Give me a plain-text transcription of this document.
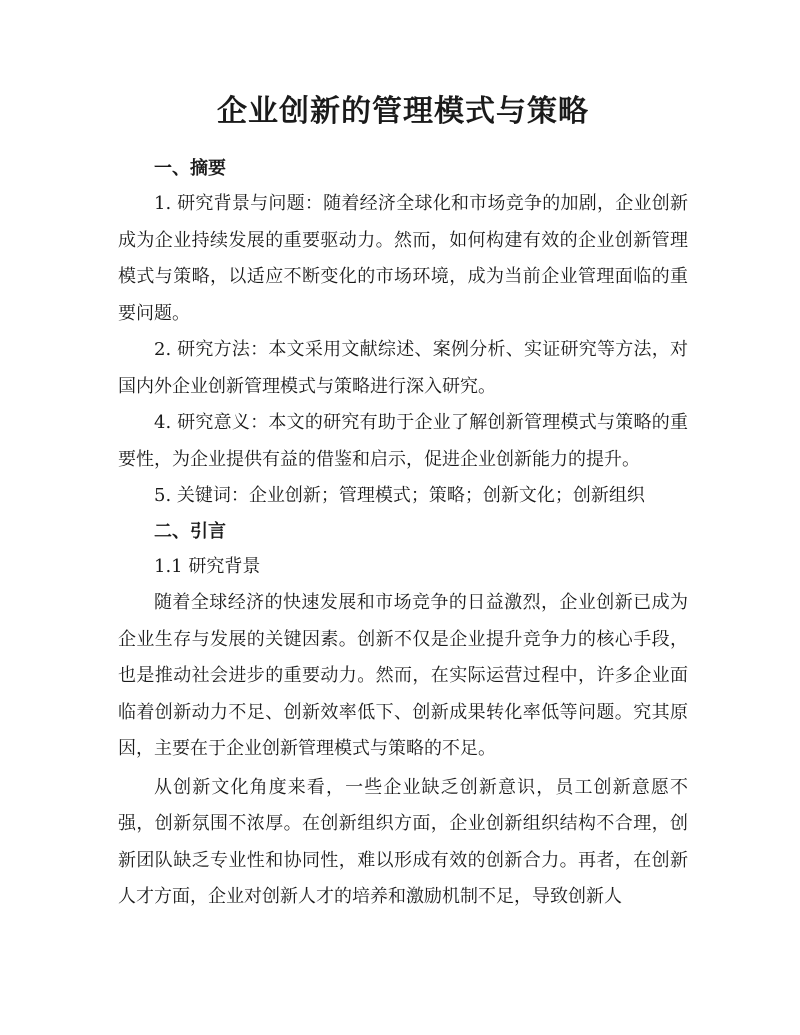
企业创新的管理模式与策略

一、摘要

1. 研究背景与问题：随着经济全球化和市场竞争的加剧，企业创新成为企业持续发展的重要驱动力。然而，如何构建有效的企业创新管理模式与策略，以适应不断变化的市场环境，成为当前企业管理面临的重要问题。

2. 研究方法：本文采用文献综述、案例分析、实证研究等方法，对国内外企业创新管理模式与策略进行深入研究。

4. 研究意义：本文的研究有助于企业了解创新管理模式与策略的重要性，为企业提供有益的借鉴和启示，促进企业创新能力的提升。

5. 关键词：企业创新；管理模式；策略；创新文化；创新组织

二、引言

1.1 研究背景

随着全球经济的快速发展和市场竞争的日益激烈，企业创新已成为企业生存与发展的关键因素。创新不仅是企业提升竞争力的核心手段，也是推动社会进步的重要动力。然而，在实际运营过程中，许多企业面临着创新动力不足、创新效率低下、创新成果转化率低等问题。究其原因，主要在于企业创新管理模式与策略的不足。

从创新文化角度来看，一些企业缺乏创新意识，员工创新意愿不强，创新氛围不浓厚。在创新组织方面，企业创新组织结构不合理，创新团队缺乏专业性和协同性，难以形成有效的创新合力。再者，在创新人才方面，企业对创新人才的培养和激励机制不足，导致创新人
